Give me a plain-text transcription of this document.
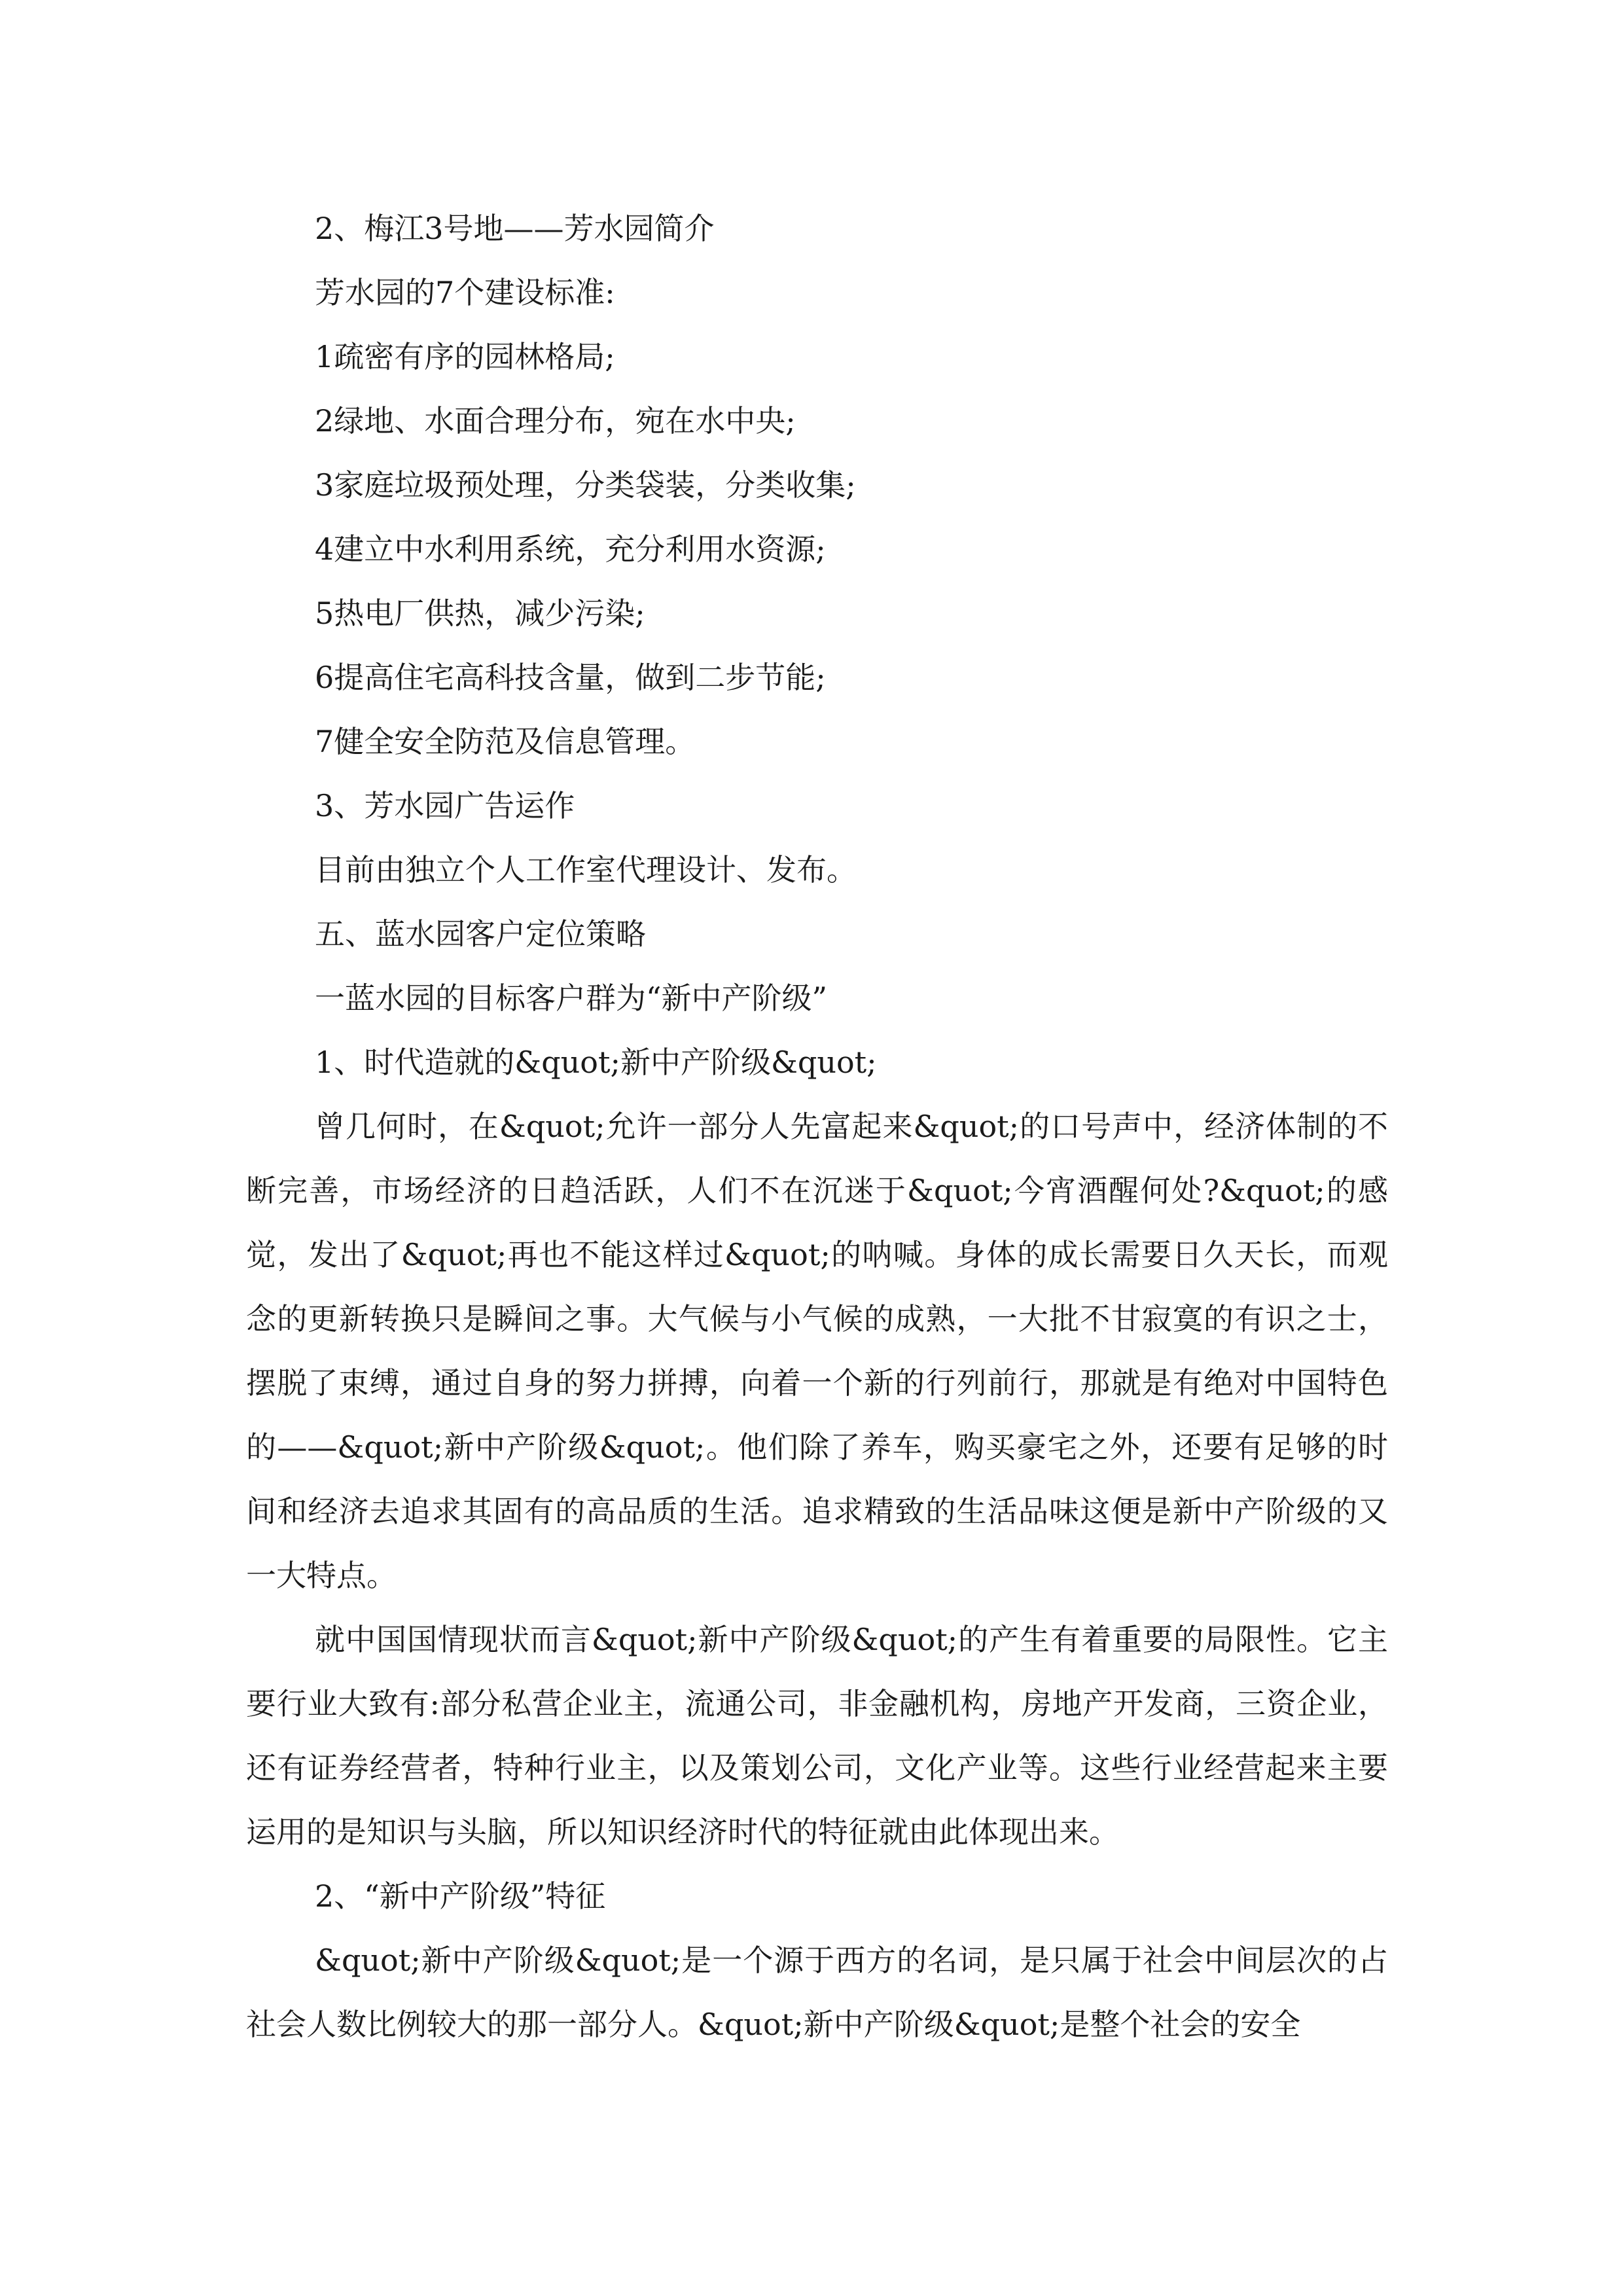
2、梅江3号地——芳水园简介

芳水园的7个建设标准:

1疏密有序的园林格局;

2绿地、水面合理分布，宛在水中央;

3家庭垃圾预处理，分类袋装，分类收集;

4建立中水利用系统，充分利用水资源;

5热电厂供热，减少污染;

6提高住宅高科技含量，做到二步节能;

7健全安全防范及信息管理。

3、芳水园广告运作

目前由独立个人工作室代理设计、发布。

五、蓝水园客户定位策略

一蓝水园的目标客户群为“新中产阶级”

1、时代造就的&quot;新中产阶级&quot;

曾几何时，在&quot;允许一部分人先富起来&quot;的口号声中，经济体制的不断完善，市场经济的日趋活跃，人们不在沉迷于&quot;今宵酒醒何处?&quot;的感觉，发出了&quot;再也不能这样过&quot;的呐喊。身体的成长需要日久天长，而观念的更新转换只是瞬间之事。大气候与小气候的成熟，一大批不甘寂寞的有识之士，摆脱了束缚，通过自身的努力拼搏，向着一个新的行列前行，那就是有绝对中国特色的——&quot;新中产阶级&quot;。他们除了养车，购买豪宅之外，还要有足够的时间和经济去追求其固有的高品质的生活。追求精致的生活品味这便是新中产阶级的又一大特点。

就中国国情现状而言&quot;新中产阶级&quot;的产生有着重要的局限性。它主要行业大致有:部分私营企业主，流通公司，非金融机构，房地产开发商，三资企业，还有证券经营者，特种行业主，以及策划公司，文化产业等。这些行业经营起来主要运用的是知识与头脑，所以知识经济时代的特征就由此体现出来。

2、“新中产阶级”特征

&quot;新中产阶级&quot;是一个源于西方的名词，是只属于社会中间层次的占社会人数比例较大的那一部分人。&quot;新中产阶级&quot;是整个社会的安全
